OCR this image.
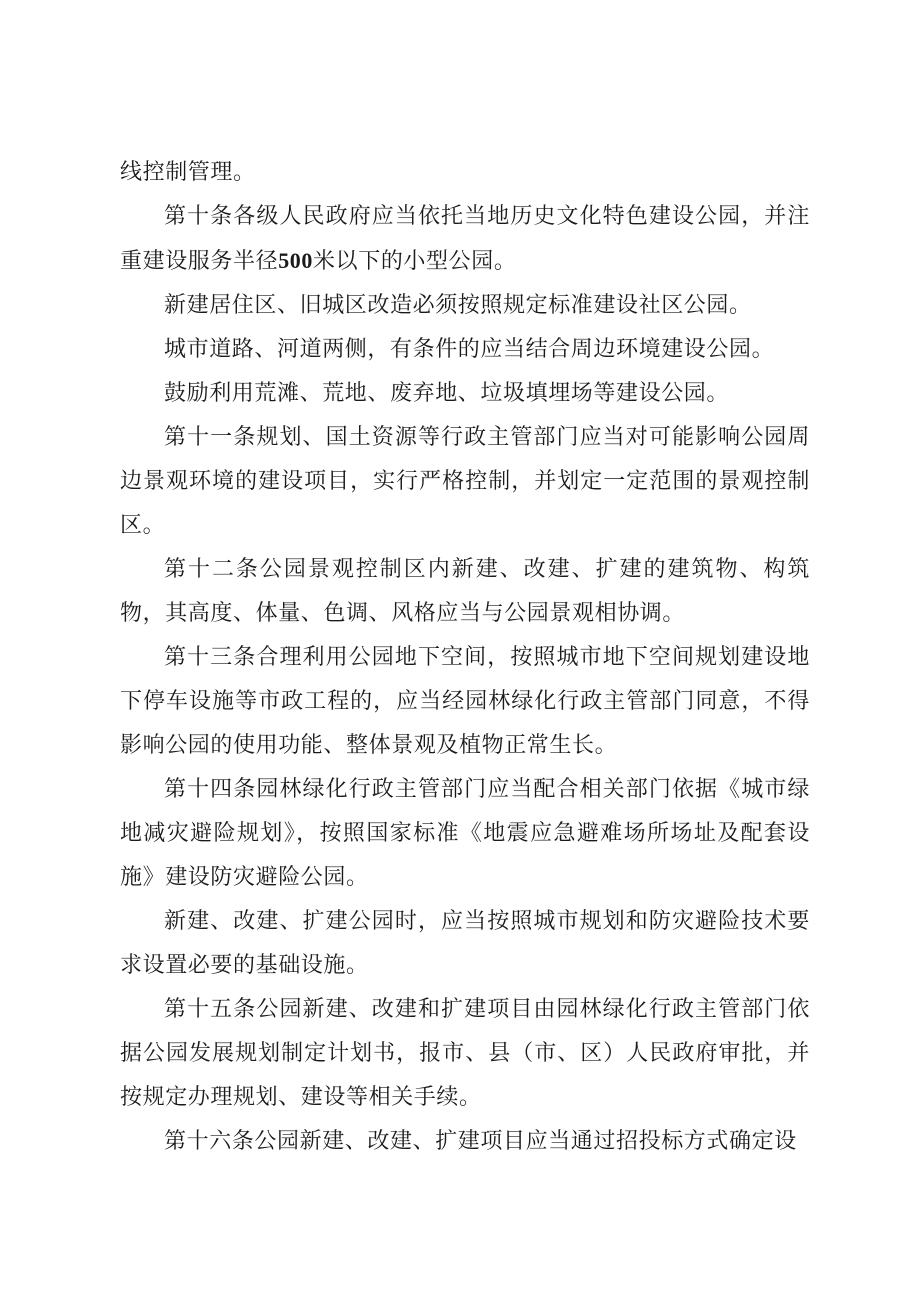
线控制管理。

第十条各级人民政府应当依托当地历史文化特色建设公园，并注重建设服务半径500米以下的小型公园。

新建居住区、旧城区改造必须按照规定标准建设社区公园。

城市道路、河道两侧，有条件的应当结合周边环境建设公园。

鼓励利用荒滩、荒地、废弃地、垃圾填埋场等建设公园。

第十一条规划、国土资源等行政主管部门应当对可能影响公园周边景观环境的建设项目，实行严格控制，并划定一定范围的景观控制区。

第十二条公园景观控制区内新建、改建、扩建的建筑物、构筑物，其高度、体量、色调、风格应当与公园景观相协调。

第十三条合理利用公园地下空间，按照城市地下空间规划建设地下停车设施等市政工程的，应当经园林绿化行政主管部门同意，不得影响公园的使用功能、整体景观及植物正常生长。

第十四条园林绿化行政主管部门应当配合相关部门依据《城市绿地减灾避险规划》，按照国家标准《地震应急避难场所场址及配套设施》建设防灾避险公园。

新建、改建、扩建公园时，应当按照城市规划和防灾避险技术要求设置必要的基础设施。

第十五条公园新建、改建和扩建项目由园林绿化行政主管部门依据公园发展规划制定计划书，报市、县（市、区）人民政府审批，并按规定办理规划、建设等相关手续。

第十六条公园新建、改建、扩建项目应当通过招投标方式确定设
